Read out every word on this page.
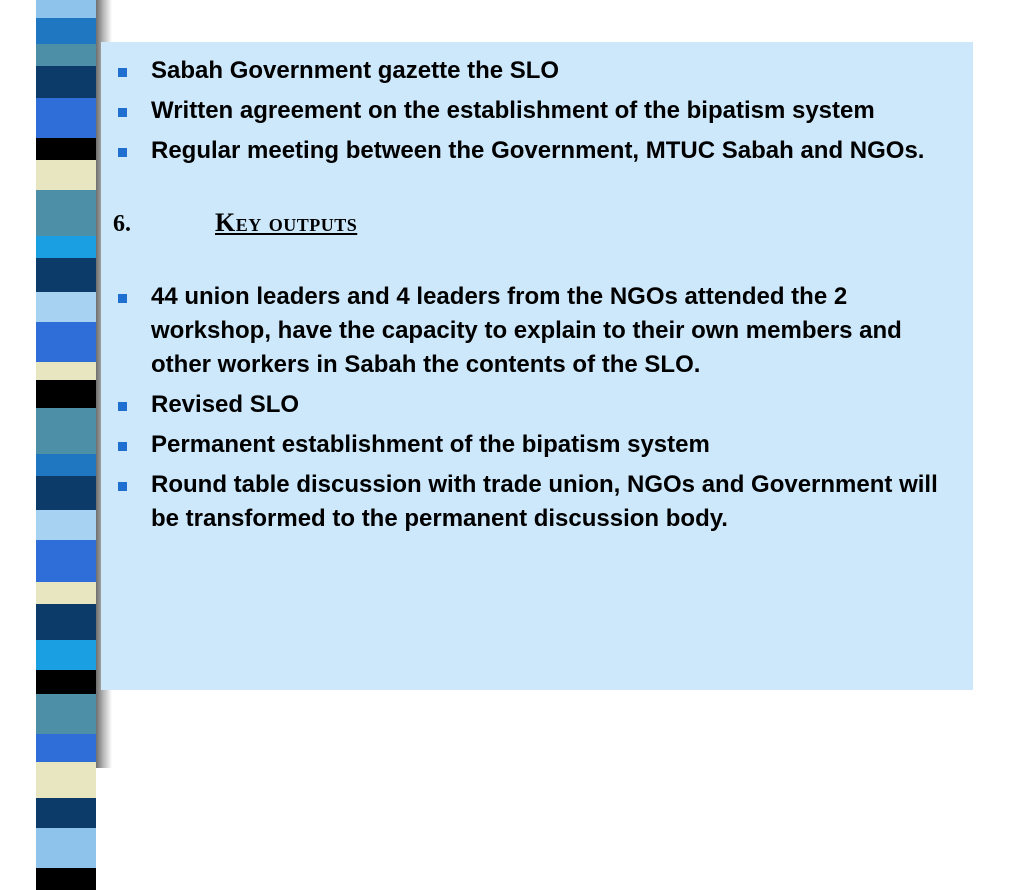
Sabah Government gazette the SLO
Written agreement on the establishment of the bipatism system
Regular meeting between the Government, MTUC Sabah and NGOs.
6.	Key outputs
44 union leaders and 4 leaders from the NGOs attended the 2 workshop, have the capacity to explain to their own members and other workers in Sabah the contents of the SLO.
Revised SLO
Permanent establishment of the bipatism system
Round table discussion with trade union, NGOs and Government will be transformed to the permanent discussion body.
